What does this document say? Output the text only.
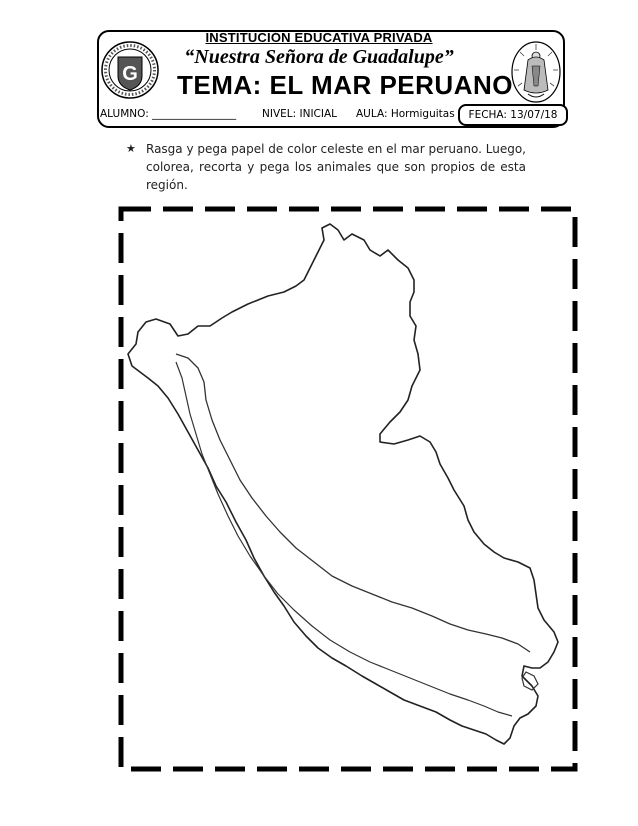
G
INSTITUCIÓN EDUCATIVA PRIVADA
“Nuestra Señora de Guadalupe”
TEMA: EL MAR PERUANO
ALUMNO: ________________ NIVEL: INICIAL AULA: Hormiguitas	FECHA: 13/07/18
★ Rasga y pega papel de color celeste en el mar peruano. Luego, colorea, recorta y pega los animales que son propios de esta región.
